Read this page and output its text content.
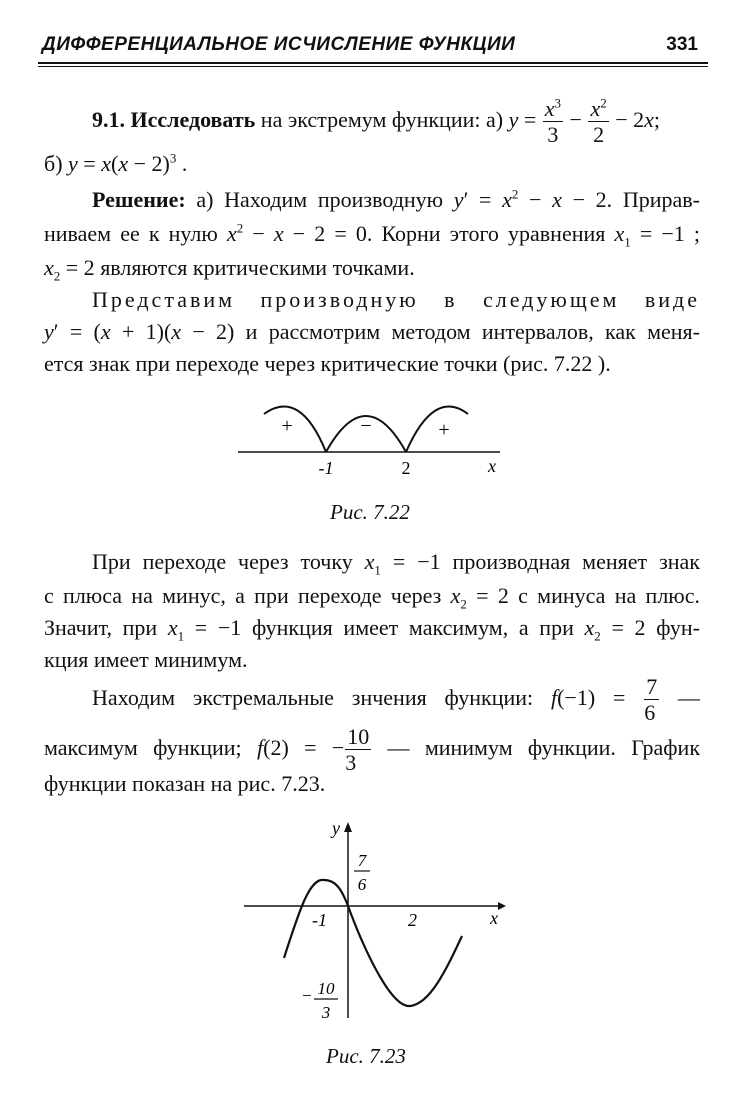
ДИФФЕРЕНЦИАЛЬНОЕ ИСЧИСЛЕНИЕ ФУНКЦИИ	331
9.1. Исследовать на экстремум функции: а) $y = \frac{x^3}{3} - \frac{x^2}{2} - 2x$;
б) $y = x(x - 2)^3$ .
Решение: а) Находим производную $y' = x^2 - x - 2$. Прирав-
ниваем ее к нулю $x^2 - x - 2 = 0$. Корни этого уравнения $x_1 = -1$ ;
$x_2 = 2$ являются критическими точками.
Представим производную в следующем виде
y′ = (x + 1)(x − 2) и рассмотрим методом интервалов, как меня-
ется знак при переходе через критические точки (рис. 7.22 ).
+	−	+
-1	2	x
Рис. 7.22
При переходе через точку $x_1 = -1$ производная меняет знак
с плюса на минус, а при переходе через $x_2 = 2$ с минуса на плюс.
Значит, при $x_1 = -1$ функция имеет максимум, а при $x_2 = 2$ фун-
кция имеет минимум.
Находим экстремальные знчения функции: $f(-1) = \frac{7}{6}$ —
максимум функции; f(2) = − $\frac{10}{3}$ — минимум функции. График
функции показан на рис. 7.23.
y
x
-1	2
7
6
− 10
3
Рис. 7.23
